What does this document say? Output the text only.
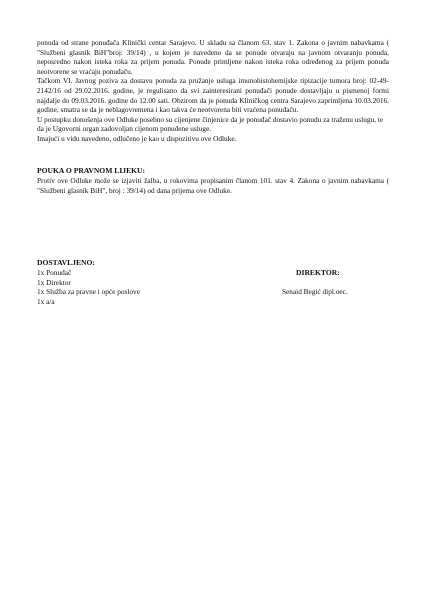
ponuda od strane ponuđača Klinički centar Sarajevo. U skladu sa članom 63. stav 1. Zakona o javnim nabavkama ( "Službeni glasnik BiH"broj: 39/14) , u kojem je navedeno da se ponude otvaraju na javnom otvaranju ponuda, neposredno nakon isteka roka za prijem ponuda. Ponude primljene nakon isteka roka određenog za prijem ponuda neotvorene se vraćaju ponuđaču.

Tačkom VI. Javnog poziva za dostavu ponuda za pružanje usluga imunohistohemijske tipizacije tumora broj: 02-49-2142/16 od 29.02.2016. godine, je regulisano da svi zainteresirani ponuđači ponude dostavljaju u pismenoj formi najdalje do 09.03.2016. godine do 12.00 sati. Obzirom da je ponuda Kliničkog centra Sarajevo zaprimljena 10.03.2016. godine, smatra se da je neblagovremena i kao takva će neotvorena biti vraćena ponuđaču.

U postupku donošenja ove Odluke posebno su cijenjene činjenice da je ponuđač dostavio ponudu za traženu uslugu, te da je Ugovorni organ zadovoljan cijenom ponuđene usluge.

Imajući u vidu navedeno, odlučeno je kao u dispozitivu ove Odluke.

POUKA O PRAVNOM LIJEKU:

Protiv ove Odluke može se izjaviti žalba, u rokovima propisanim članom 101. stav 4. Zakona o javnim nabavkama ( "Službeni glasnik BiH", broj : 39/14) od dana prijema ove Odluke.

DOSTAVLJENO:

1x Ponuđač

1x Direktor

1x Služba za pravne i opće poslove

1x a/a

DIREKTOR:

Senaid Begić dipl.oec.
